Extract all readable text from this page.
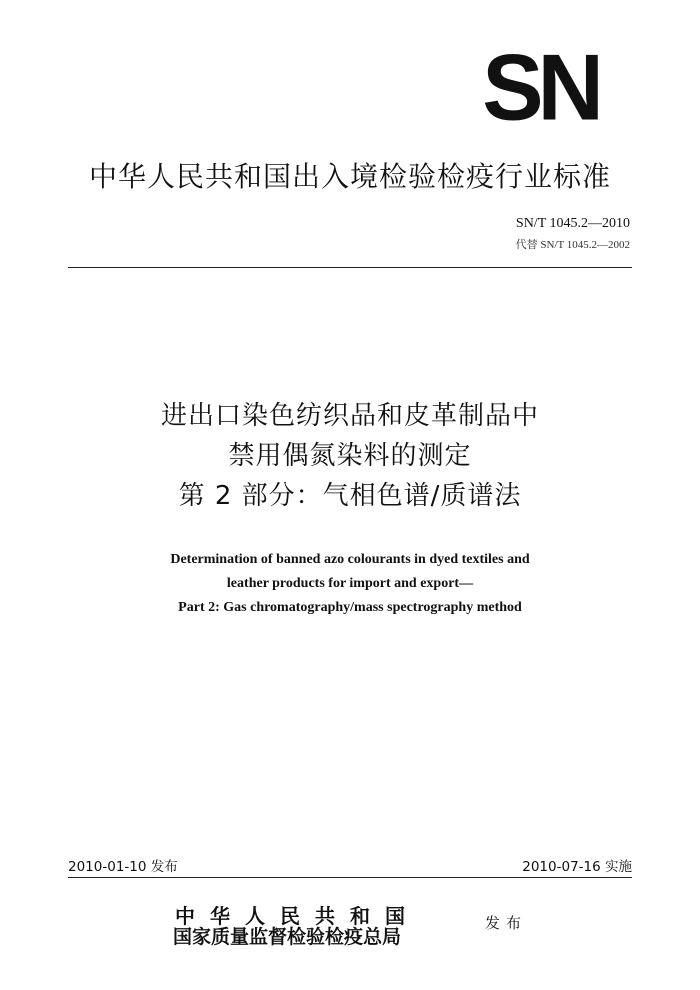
SN
中华人民共和国出入境检验检疫行业标准
SN/T 1045.2—2010
代替 SN/T 1045.2—2002
进出口染色纺织品和皮革制品中
禁用偶氮染料的测定
第 2 部分：气相色谱/质谱法
Determination of banned azo colourants in dyed textiles and
leather products for import and export—
Part 2: Gas chromatography/mass spectrography method
2010-01-10 发布	2010-07-16 实施
中华人民共和国
国家质量监督检验检疫总局
发布
